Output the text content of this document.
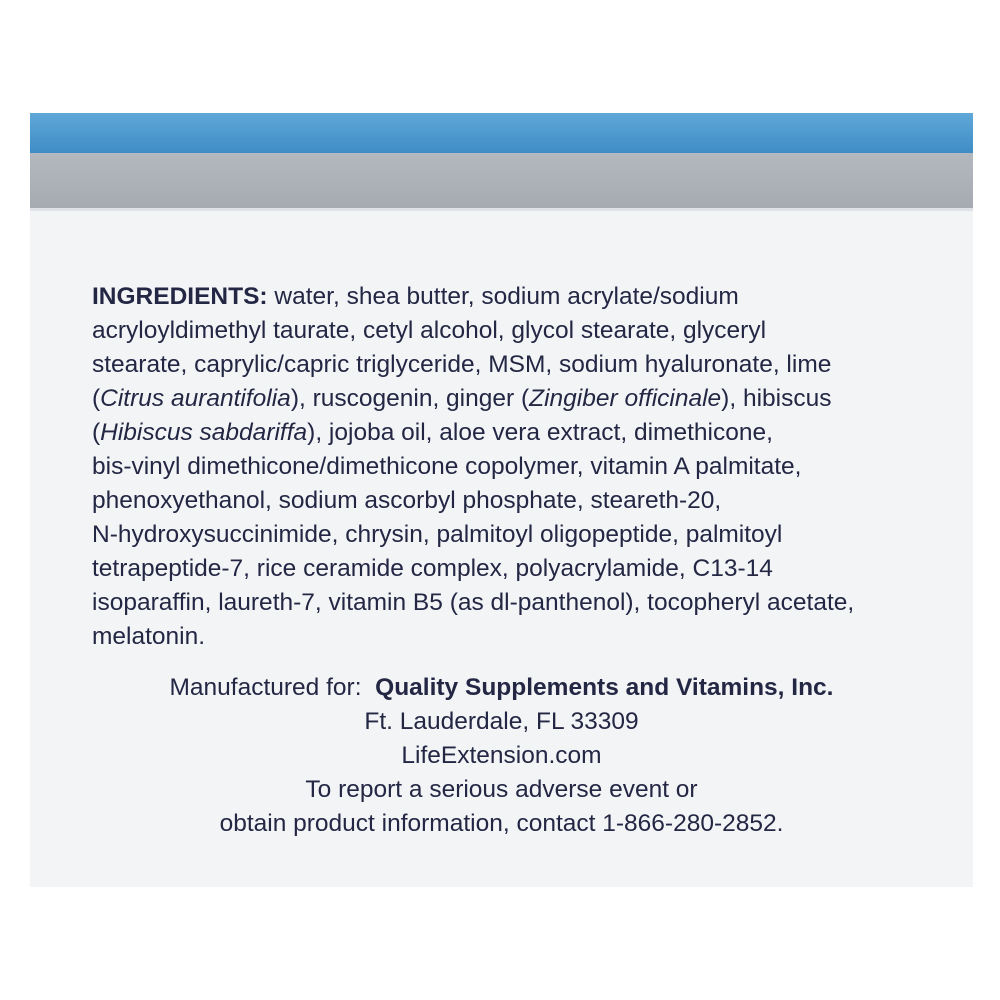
INGREDIENTS: water, shea butter, sodium acrylate/sodium
acryloyldimethyl taurate, cetyl alcohol, glycol stearate, glyceryl
stearate, caprylic/capric triglyceride, MSM, sodium hyaluronate, lime
(Citrus aurantifolia), ruscogenin, ginger (Zingiber officinale), hibiscus
(Hibiscus sabdariffa), jojoba oil, aloe vera extract, dimethicone,
bis-vinyl dimethicone/dimethicone copolymer, vitamin A palmitate,
phenoxyethanol, sodium ascorbyl phosphate, steareth-20,
N-hydroxysuccinimide, chrysin, palmitoyl oligopeptide, palmitoyl
tetrapeptide-7, rice ceramide complex, polyacrylamide, C13-14
isoparaffin, laureth-7, vitamin B5 (as dl-panthenol), tocopheryl acetate,
melatonin.

Manufactured for: Quality Supplements and Vitamins, Inc.
Ft. Lauderdale, FL 33309
LifeExtension.com
To report a serious adverse event or
obtain product information, contact 1-866-280-2852.
